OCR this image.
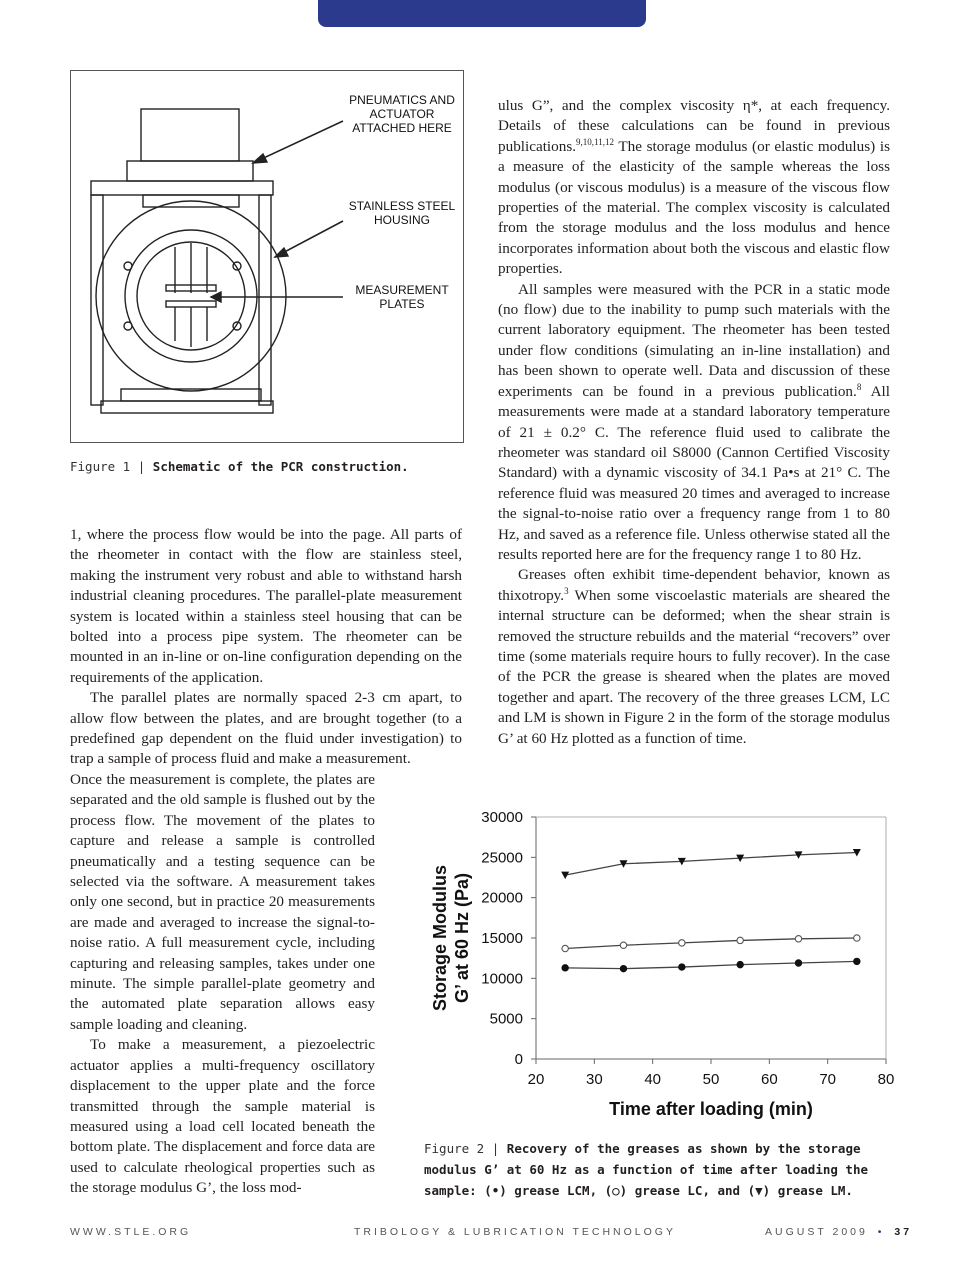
PNEUMATICS AND ACTUATOR ATTACHED HERE
STAINLESS STEEL HOUSING
MEASUREMENT PLATES
Figure 1 | Schematic of the PCR construction.

1, where the process flow would be into the page. All parts of the rheometer in contact with the flow are stainless steel, making the instrument very robust and able to withstand harsh industrial cleaning procedures. The parallel-plate measurement system is located within a stainless steel housing that can be bolted into a process pipe system. The rheometer can be mounted in an in-line or on-line configuration depending on the requirements of the application.

The parallel plates are normally spaced 2-3 cm apart, to allow flow between the plates, and are brought together (to a predefined gap dependent on the fluid under investigation) to trap a sample of process fluid and make a measurement.

Once the measurement is complete, the plates are separated and the old sample is flushed out by the process flow. The movement of the plates to capture and release a sample is controlled pneumatically and a testing sequence can be selected via the software. A measurement takes only one second, but in practice 20 measurements are made and averaged to increase the signal-to-noise ratio. A full measurement cycle, including capturing and releasing samples, takes under one minute. The simple parallel-plate geometry and the automated plate separation allows easy sample loading and cleaning.

To make a measurement, a piezoelectric actuator applies a multi-frequency oscillatory displacement to the upper plate and the force transmitted through the sample material is measured using a load cell located beneath the bottom plate. The displacement and force data are used to calculate rheological properties such as the storage modulus G’, the loss mod-

ulus G”, and the complex viscosity η*, at each frequency. Details of these calculations can be found in previous publications.$^{9,10,11,12}$ The storage modulus (or elastic modulus) is a measure of the elasticity of the sample whereas the loss modulus (or viscous modulus) is a measure of the viscous flow properties of the material. The complex viscosity is calculated from the storage modulus and the loss modulus and hence incorporates information about both the viscous and elastic flow properties.

All samples were measured with the PCR in a static mode (no flow) due to the inability to pump such materials with the current laboratory equipment. The rheometer has been tested under flow conditions (simulating an in-line installation) and has been shown to operate well. Data and discussion of these experiments can be found in a previous publication.$^8$ All measurements were made at a standard laboratory temperature of 21 ± 0.2° C. The reference fluid used to calibrate the rheometer was standard oil S8000 (Cannon Certified Viscosity Standard) with a dynamic viscosity of 34.1 Pa•s at 21° C. The reference fluid was measured 20 times and averaged to increase the signal-to-noise ratio over a frequency range from 1 to 80 Hz, and saved as a reference file. Unless otherwise stated all the results reported here are for the frequency range 1 to 80 Hz.

Greases often exhibit time-dependent behavior, known as thixotropy.$^3$ When some viscoelastic materials are sheared the internal structure can be deformed; when the shear strain is removed the structure rebuilds and the material “recovers” over time (some materials require hours to fully recover). In the case of the PCR the grease is sheared when the plates are moved together and apart. The recovery of the three greases LCM, LC and LM is shown in Figure 2 in the form of the storage modulus G’ at 60 Hz plotted as a function of time.

20	30	40	50	60	70	80
0
5000
10000
15000
20000
25000
30000
Time after loading (min)
Storage Modulus G’ at 60 Hz (Pa)
Figure 2 | Recovery of the greases as shown by the storage modulus G’ at 60 Hz as a function of time after loading the sample: (•) grease LCM, (○) grease LC, and (▼) grease LM.
WWW.STLE.ORG	TRIBOLOGY & LUBRICATION TECHNOLOGY	AUGUST 2009 • 37
